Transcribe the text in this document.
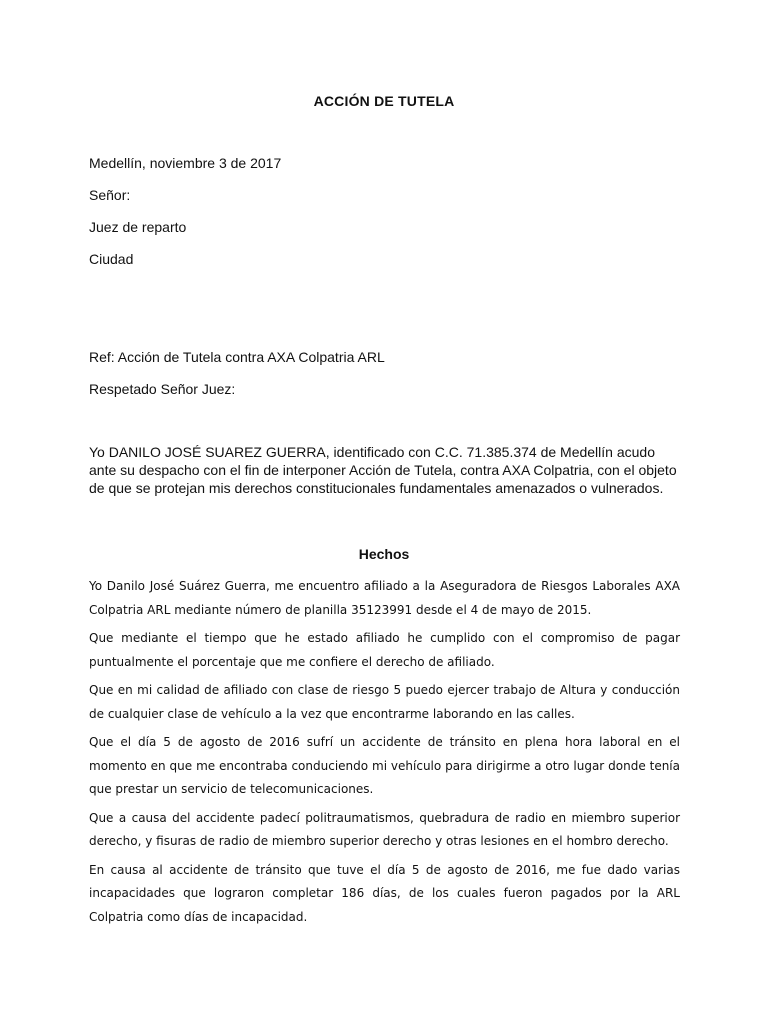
ACCIÓN DE TUTELA
Medellín, noviembre 3 de 2017
Señor:
Juez de reparto
Ciudad
Ref: Acción de Tutela contra AXA Colpatria ARL
Respetado Señor Juez:
Yo DANILO JOSÉ SUAREZ GUERRA, identificado con C.C. 71.385.374 de Medellín acudo ante su despacho con el fin de interponer Acción de Tutela, contra AXA Colpatria, con el objeto de que se protejan mis derechos constitucionales fundamentales amenazados o vulnerados.
Hechos

Yo Danilo José Suárez Guerra, me encuentro afiliado a la Aseguradora de Riesgos Laborales AXA Colpatria ARL mediante número de planilla 35123991 desde el 4 de mayo de 2015.

Que mediante el tiempo que he estado afiliado he cumplido con el compromiso de pagar puntualmente el porcentaje que me confiere el derecho de afiliado.

Que en mi calidad de afiliado con clase de riesgo 5 puedo ejercer trabajo de Altura y conducción de cualquier clase de vehículo a la vez que encontrarme laborando en las calles.

Que el día 5 de agosto de 2016 sufrí un accidente de tránsito en plena hora laboral en el momento en que me encontraba conduciendo mi vehículo para dirigirme a otro lugar donde tenía que prestar un servicio de telecomunicaciones.

Que a causa del accidente padecí politraumatismos, quebradura de radio en miembro superior derecho, y fisuras de radio de miembro superior derecho y otras lesiones en el hombro derecho.

En causa al accidente de tránsito que tuve el día 5 de agosto de 2016, me fue dado varias incapacidades que lograron completar 186 días, de los cuales fueron pagados por la ARL Colpatria como días de incapacidad.
